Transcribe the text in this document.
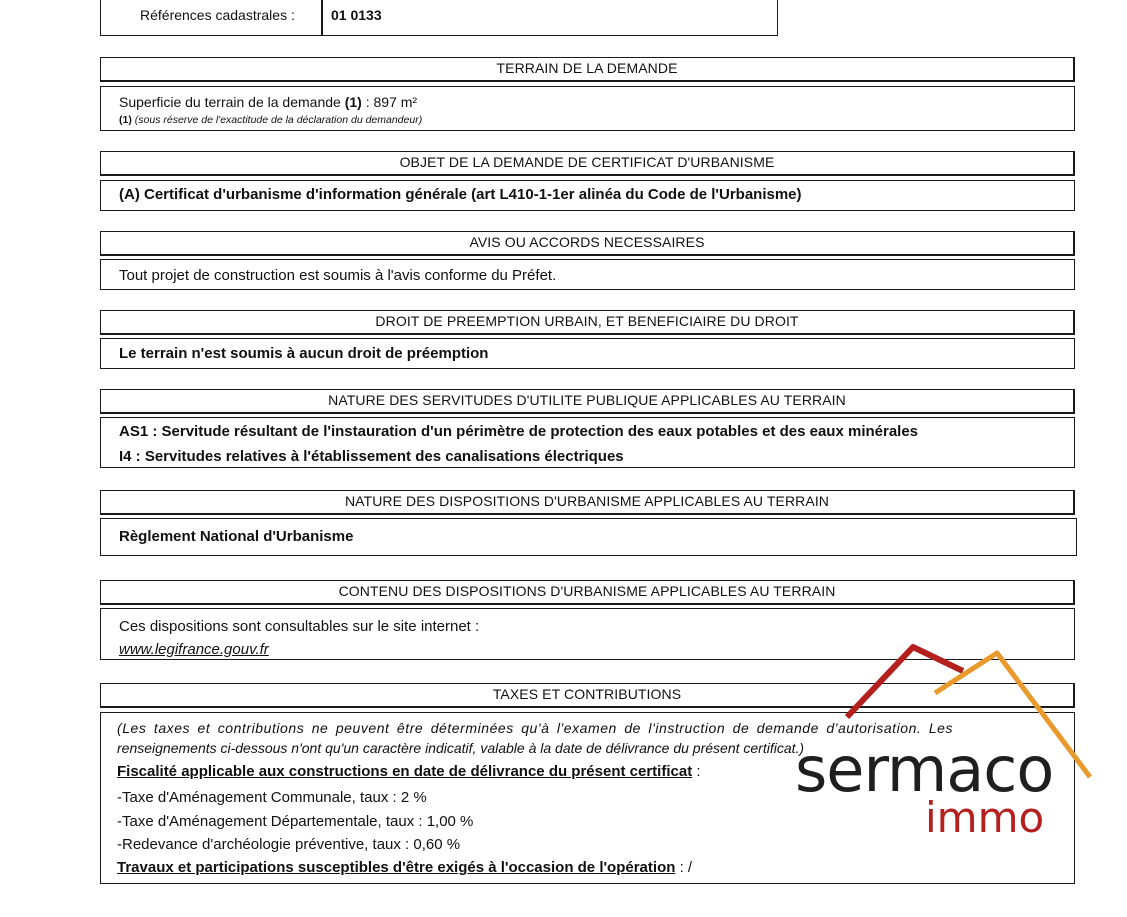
Références cadastrales :	01 0133
TERRAIN DE LA DEMANDE
Superficie du terrain de la demande (1) : 897 m²
(1) (sous réserve de l'exactitude de la déclaration du demandeur)
OBJET DE LA DEMANDE DE CERTIFICAT D'URBANISME
(A) Certificat d'urbanisme d'information générale (art L410-1-1er alinéa du Code de l'Urbanisme)
AVIS OU ACCORDS NECESSAIRES
Tout projet de construction est soumis à l'avis conforme du Préfet.
DROIT DE PREEMPTION URBAIN, ET BENEFICIAIRE DU DROIT
Le terrain n'est soumis à aucun droit de préemption
NATURE DES SERVITUDES D'UTILITE PUBLIQUE APPLICABLES AU TERRAIN
AS1 : Servitude résultant de l'instauration d'un périmètre de protection des eaux potables et des eaux minérales
I4 : Servitudes relatives à l'établissement des canalisations électriques
NATURE DES DISPOSITIONS D'URBANISME APPLICABLES AU TERRAIN
Règlement National d'Urbanisme
CONTENU DES DISPOSITIONS D'URBANISME APPLICABLES AU TERRAIN
Ces dispositions sont consultables sur le site internet :
www.legifrance.gouv.fr
TAXES ET CONTRIBUTIONS
(Les taxes et contributions ne peuvent être déterminées qu'à l'examen de l'instruction de demande d'autorisation. Les
renseignements ci-dessous n'ont qu'un caractère indicatif, valable à la date de délivrance du présent certificat.)
Fiscalité applicable aux constructions en date de délivrance du présent certificat :
-Taxe d'Aménagement Communale, taux : 2 %
-Taxe d'Aménagement Départementale, taux : 1,00 %
-Redevance d'archéologie préventive, taux : 0,60 %
Travaux et participations susceptibles d'être exigés à l'occasion de l'opération : /
sermaco
immo
